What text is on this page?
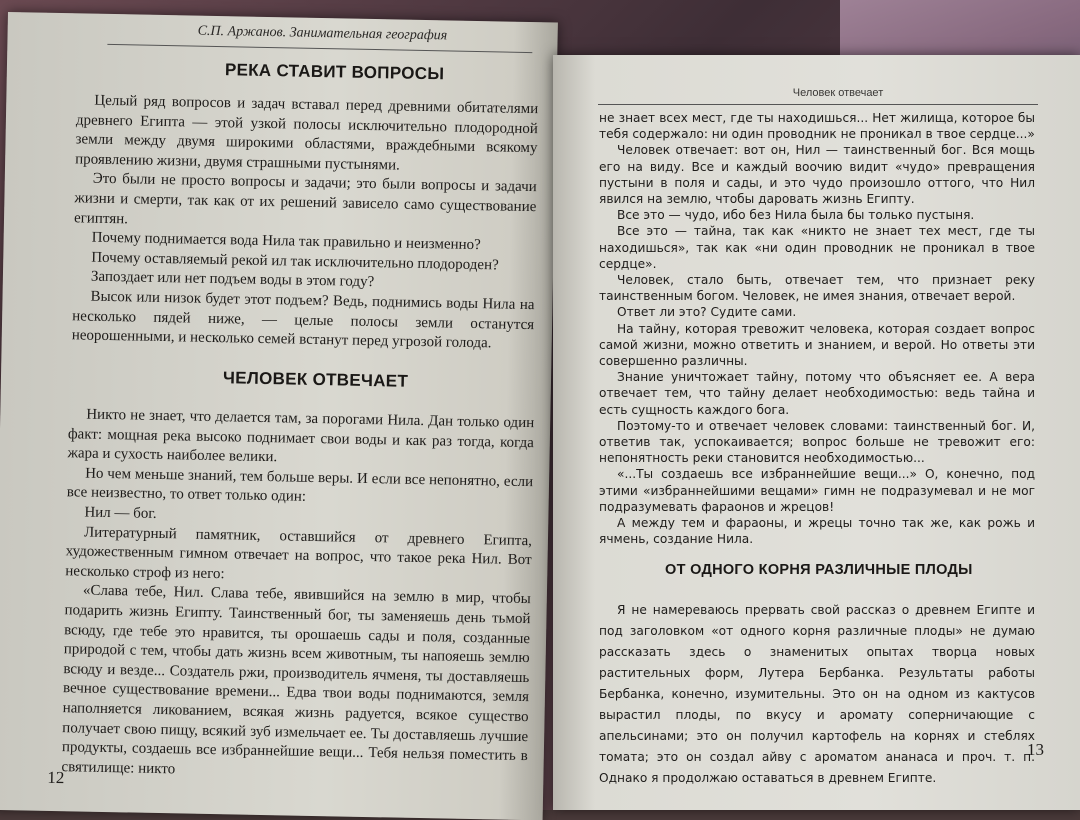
С.П. Аржанов. Занимательная география
РЕКА СТАВИТ ВОПРОСЫ

Целый ряд вопросов и задач вставал перед древними обитателями древнего Египта — этой узкой полосы исключительно плодородной земли между двумя широкими областями, враждебными всякому проявлению жизни, двумя страшными пустынями.

Это были не просто вопросы и задачи; это были вопросы и задачи жизни и смерти, так как от их решений зависело само существование египтян.

Почему поднимается вода Нила так правильно и неизменно?

Почему оставляемый рекой ил так исключительно плодороден?

Запоздает или нет подъем воды в этом году?

Высок или низок будет этот подъем? Ведь, поднимись воды Нила на несколько пядей ниже, — целые полосы земли останутся неорошенными, и несколько семей встанут перед угрозой голода.

ЧЕЛОВЕК ОТВЕЧАЕТ

Никто не знает, что делается там, за порогами Нила. Дан только один факт: мощная река высоко поднимает свои воды и как раз тогда, когда жара и сухость наиболее велики.

Но чем меньше знаний, тем больше веры. И если все непонятно, если все неизвестно, то ответ только один:

Нил — бог.

Литературный памятник, оставшийся от древнего Египта, художественным гимном отвечает на вопрос, что такое река Нил. Вот несколько строф из него:

«Слава тебе, Нил. Слава тебе, явившийся на землю в мир, чтобы подарить жизнь Египту. Таинственный бог, ты заменяешь день тьмой всюду, где тебе это нравится, ты орошаешь сады и поля, созданные природой с тем, чтобы дать жизнь всем животным, ты напояешь землю всюду и везде... Создатель ржи, производитель ячменя, ты доставляешь вечное существование времени... Едва твои воды поднимаются, земля наполняется ликованием, всякая жизнь радуется, всякое существо получает свою пищу, всякий зуб измельчает ее. Ты доставляешь лучшие продукты, создаешь все избраннейшие вещи... Тебя нельзя поместить в святилище: никто

12
Человек отвечает

не знает всех мест, где ты находишься... Нет жилища, которое бы тебя содержало: ни один проводник не проникал в твое сердце...»

Человек отвечает: вот он, Нил — таинственный бог. Вся мощь его на виду. Все и каждый воочию видит «чудо» превращения пустыни в поля и сады, и это чудо произошло оттого, что Нил явился на землю, чтобы даровать жизнь Египту.

Все это — чудо, ибо без Нила была бы только пустыня.

Все это — тайна, так как «никто не знает тех мест, где ты находишься», так как «ни один проводник не проникал в твое сердце».

Человек, стало быть, отвечает тем, что признает реку таинственным богом. Человек, не имея знания, отвечает верой.

Ответ ли это? Судите сами.

На тайну, которая тревожит человека, которая создает вопрос самой жизни, можно ответить и знанием, и верой. Но ответы эти совершенно различны.

Знание уничтожает тайну, потому что объясняет ее. А вера отвечает тем, что тайну делает необходимостью: ведь тайна и есть сущность каждого бога.

Поэтому-то и отвечает человек словами: таинственный бог. И, ответив так, успокаивается; вопрос больше не тревожит его: непонятность реки становится необходимостью...

«...Ты создаешь все избраннейшие вещи...» О, конечно, под этими «избраннейшими вещами» гимн не подразумевал и не мог подразумевать фараонов и жрецов!

А между тем и фараоны, и жрецы точно так же, как рожь и ячмень, создание Нила.

ОТ ОДНОГО КОРНЯ РАЗЛИЧНЫЕ ПЛОДЫ

Я не намереваюсь прервать свой рассказ о древнем Египте и под заголовком «от одного корня различные плоды» не думаю рассказать здесь о знаменитых опытах творца новых растительных форм, Лутера Бербанка. Результаты работы Бербанка, конечно, изумительны. Это он на одном из кактусов вырастил плоды, по вкусу и аромату соперничающие с апельсинами; это он получил картофель на корнях и стеблях томата; это он создал айву с ароматом ананаса и проч. т. п. Однако я продолжаю оставаться в древнем Египте.

13
